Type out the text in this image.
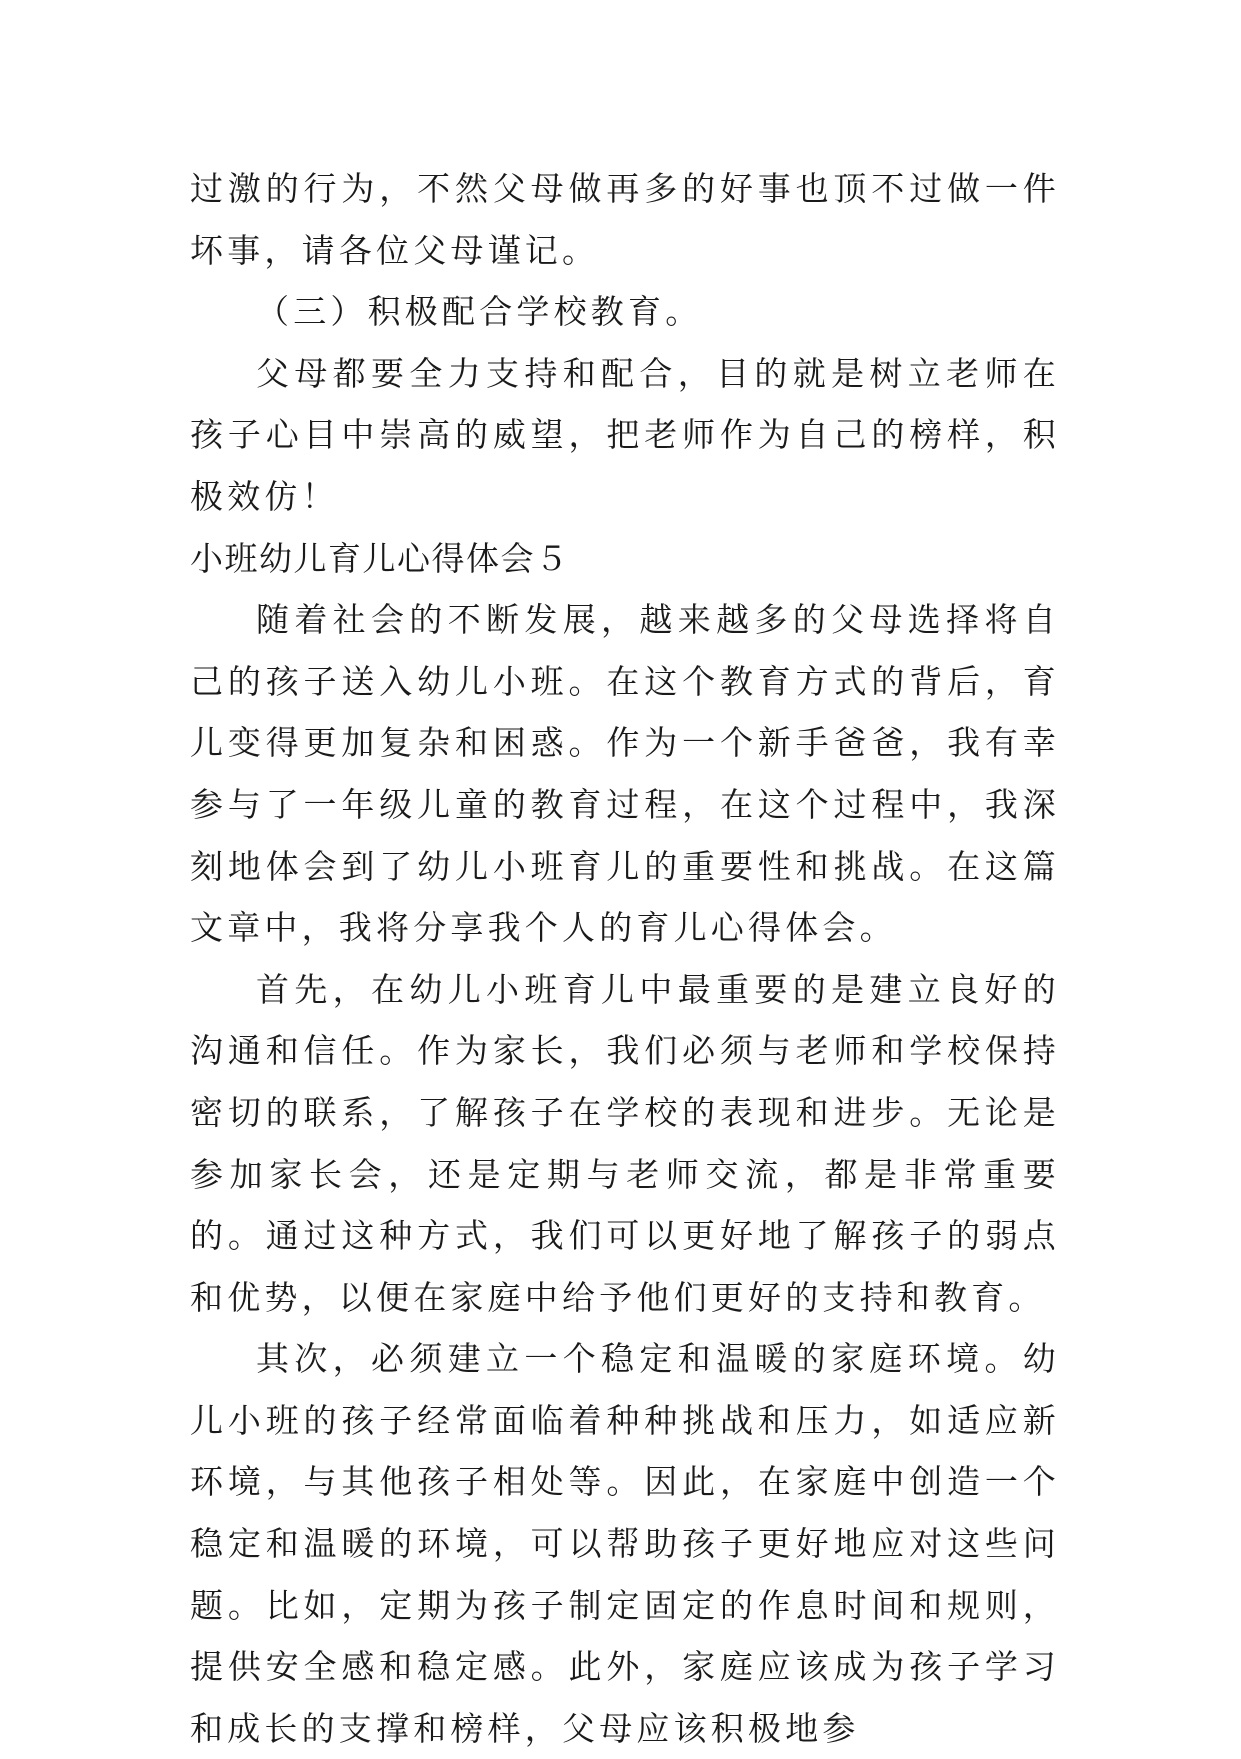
过激的行为，不然父母做再多的好事也顶不过做一件坏事，请各位父母谨记。

（三）积极配合学校教育。

父母都要全力支持和配合，目的就是树立老师在孩子心目中崇高的威望，把老师作为自己的榜样，积极效仿！

小班幼儿育儿心得体会５

随着社会的不断发展，越来越多的父母选择将自己的孩子送入幼儿小班。在这个教育方式的背后，育儿变得更加复杂和困惑。作为一个新手爸爸，我有幸参与了一年级儿童的教育过程，在这个过程中，我深刻地体会到了幼儿小班育儿的重要性和挑战。在这篇文章中，我将分享我个人的育儿心得体会。

首先，在幼儿小班育儿中最重要的是建立良好的沟通和信任。作为家长，我们必须与老师和学校保持密切的联系，了解孩子在学校的表现和进步。无论是参加家长会，还是定期与老师交流，都是非常重要的。通过这种方式，我们可以更好地了解孩子的弱点和优势，以便在家庭中给予他们更好的支持和教育。

其次，必须建立一个稳定和温暖的家庭环境。幼儿小班的孩子经常面临着种种挑战和压力，如适应新环境，与其他孩子相处等。因此，在家庭中创造一个稳定和温暖的环境，可以帮助孩子更好地应对这些问题。比如，定期为孩子制定固定的作息时间和规则，提供安全感和稳定感。此外，家庭应该成为孩子学习和成长的支撑和榜样，父母应该积极地参
